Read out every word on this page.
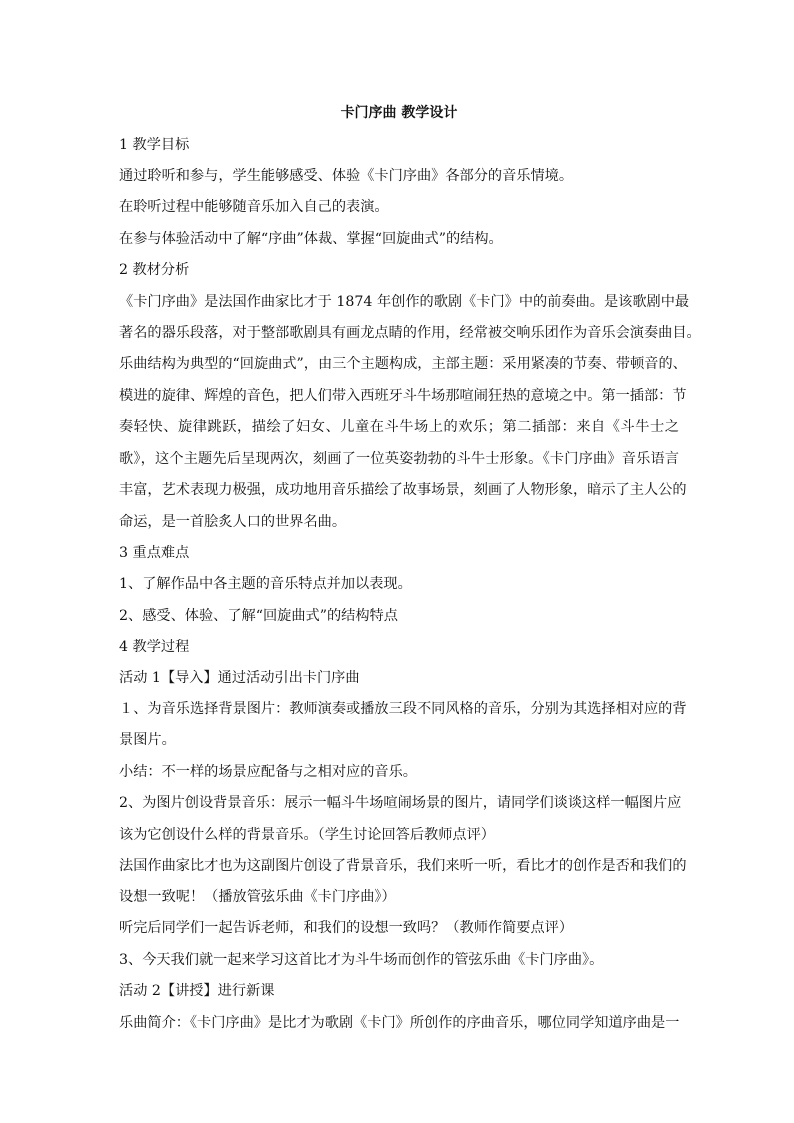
卡门序曲 教学设计
1 教学目标
通过聆听和参与，学生能够感受、体验《卡门序曲》各部分的音乐情境。
在聆听过程中能够随音乐加入自己的表演。
在参与体验活动中了解“序曲”体裁、掌握“回旋曲式”的结构。
2 教材分析
《卡门序曲》是法国作曲家比才于 1874 年创作的歌剧《卡门》中的前奏曲。是该歌剧中最
著名的器乐段落，对于整部歌剧具有画龙点睛的作用，经常被交响乐团作为音乐会演奏曲目。
乐曲结构为典型的“回旋曲式”，由三个主题构成，主部主题：采用紧凑的节奏、带顿音的、
模进的旋律、辉煌的音色，把人们带入西班牙斗牛场那喧闹狂热的意境之中。第一插部：节
奏轻快、旋律跳跃，描绘了妇女、儿童在斗牛场上的欢乐；第二插部：来自《斗牛士之
歌》，这个主题先后呈现两次，刻画了一位英姿勃勃的斗牛士形象。《卡门序曲》音乐语言
丰富，艺术表现力极强，成功地用音乐描绘了故事场景，刻画了人物形象，暗示了主人公的
命运，是一首脍炙人口的世界名曲。
3 重点难点
1、了解作品中各主题的音乐特点并加以表现。
2、感受、体验、了解“回旋曲式”的结构特点
4 教学过程
活动 1【导入】通过活动引出卡门序曲
１、为音乐选择背景图片：教师演奏或播放三段不同风格的音乐，分别为其选择相对应的背
景图片。
小结：不一样的场景应配备与之相对应的音乐。
2、为图片创设背景音乐：展示一幅斗牛场喧闹场景的图片，请同学们谈谈这样一幅图片应
该为它创设什么样的背景音乐。（学生讨论回答后教师点评）
法国作曲家比才也为这副图片创设了背景音乐，我们来听一听，看比才的创作是否和我们的
设想一致呢！（播放管弦乐曲《卡门序曲》）
听完后同学们一起告诉老师，和我们的设想一致吗？（教师作简要点评）
3、今天我们就一起来学习这首比才为斗牛场而创作的管弦乐曲《卡门序曲》。
活动 2【讲授】进行新课
乐曲简介：《卡门序曲》是比才为歌剧《卡门》所创作的序曲音乐，哪位同学知道序曲是一
